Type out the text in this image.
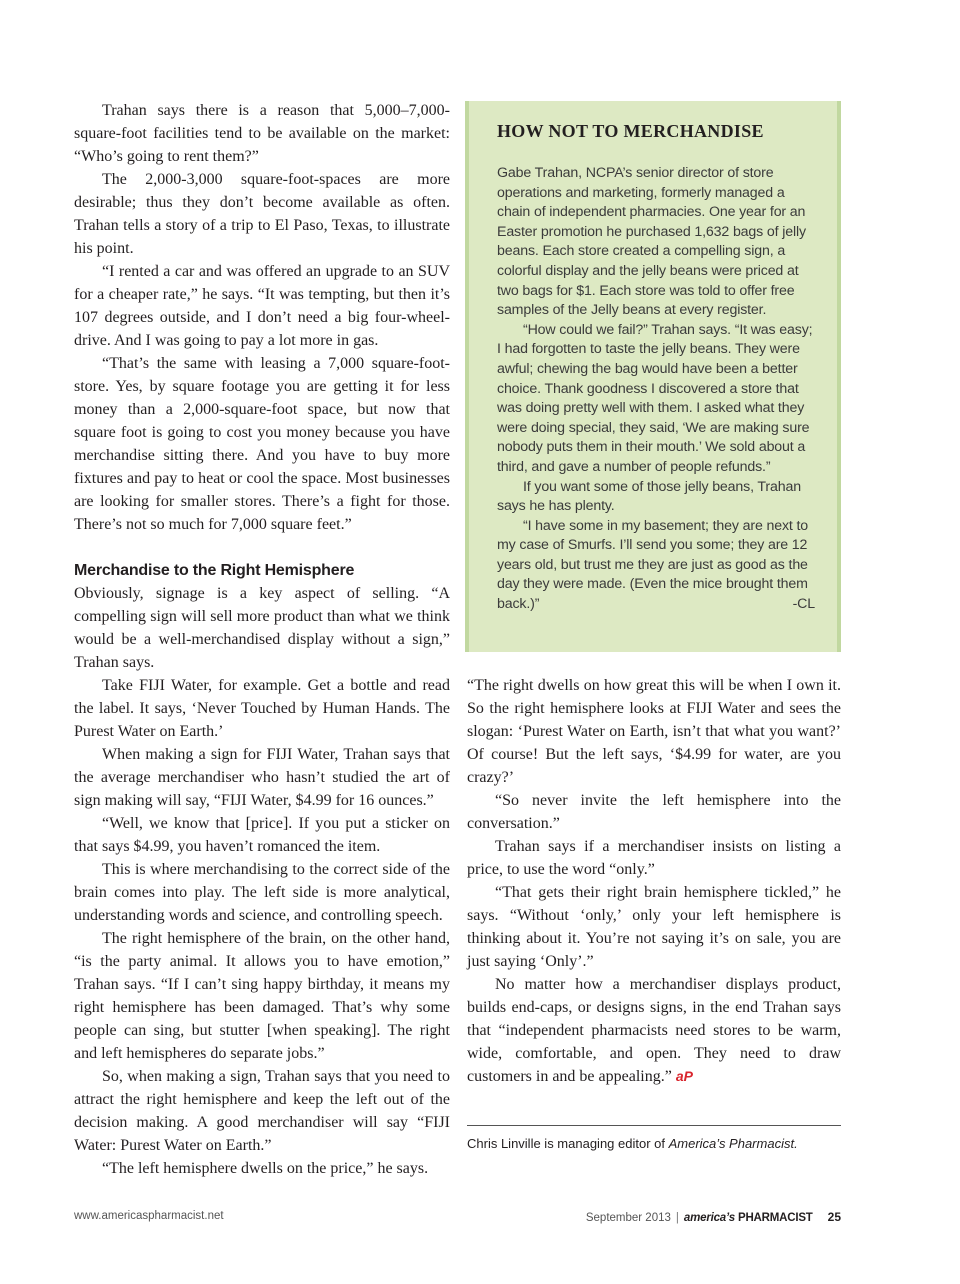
Trahan says there is a reason that 5,000–7,000-square-foot facilities tend to be available on the market: “Who’s going to rent them?”

The 2,000-3,000 square-foot-spaces are more desirable; thus they don’t become available as often. Trahan tells a story of a trip to El Paso, Texas, to illustrate his point.

“I rented a car and was offered an upgrade to an SUV for a cheaper rate,” he says. “It was tempting, but then it’s 107 degrees outside, and I don’t need a big four-wheel-drive. And I was going to pay a lot more in gas.

“That’s the same with leasing a 7,000 square-foot-store. Yes, by square footage you are getting it for less money than a 2,000-square-foot space, but now that square foot is going to cost you money because you have merchandise sitting there. And you have to buy more fixtures and pay to heat or cool the space. Most businesses are looking for smaller stores. There’s a fight for those. There’s not so much for 7,000 square feet.”

Merchandise to the Right Hemisphere

Obviously, signage is a key aspect of selling. “A compelling sign will sell more product than what we think would be a well-merchandised display without a sign,” Trahan says.

Take FIJI Water, for example. Get a bottle and read the label. It says, ‘Never Touched by Human Hands. The Purest Water on Earth.’

When making a sign for FIJI Water, Trahan says that the average merchandiser who hasn’t studied the art of sign making will say, “FIJI Water, $4.99 for 16 ounces.”

“Well, we know that [price]. If you put a sticker on that says $4.99, you haven’t romanced the item.

This is where merchandising to the correct side of the brain comes into play. The left side is more analytical, understanding words and science, and controlling speech.

The right hemisphere of the brain, on the other hand, “is the party animal. It allows you to have emotion,” Trahan says. “If I can’t sing happy birthday, it means my right hemisphere has been damaged. That’s why some people can sing, but stutter [when speaking]. The right and left hemispheres do separate jobs.”

So, when making a sign, Trahan says that you need to attract the right hemisphere and keep the left out of the decision making. A good merchandiser will say “FIJI Water: Purest Water on Earth.”

“The left hemisphere dwells on the price,” he says.

HOW NOT TO MERCHANDISE

Gabe Trahan, NCPA’s senior director of store operations and marketing, formerly managed a chain of independent pharmacies. One year for an Easter promotion he purchased 1,632 bags of jelly beans. Each store created a compelling sign, a colorful display and the jelly beans were priced at two bags for $1. Each store was told to offer free samples of the Jelly beans at every register.

“How could we fail?” Trahan says. “It was easy; I had forgotten to taste the jelly beans. They were awful; chewing the bag would have been a better choice. Thank goodness I discovered a store that was doing pretty well with them. I asked what they were doing special, they said, ‘We are making sure nobody puts them in their mouth.’ We sold about a third, and gave a number of people refunds.”

If you want some of those jelly beans, Trahan says he has plenty.

“I have some in my basement; they are next to my case of Smurfs. I’ll send you some; they are 12 years old, but trust me they are just as good as the day they were made. (Even the mice brought them back.)”	-CL

“The right dwells on how great this will be when I own it. So the right hemisphere looks at FIJI Water and sees the slogan: ‘Purest Water on Earth, isn’t that what you want?’ Of course! But the left says, ‘$4.99 for water, are you crazy?’

“So never invite the left hemisphere into the conversation.”

Trahan says if a merchandiser insists on listing a price, to use the word “only.”

“That gets their right brain hemisphere tickled,” he says. “Without ‘only,’ only your left hemisphere is thinking about it. You’re not saying it’s on sale, you are just saying ‘Only’.”

No matter how a merchandiser displays product, builds end-caps, or designs signs, in the end Trahan says that “independent pharmacists need stores to be warm, wide, comfortable, and open. They need to draw customers in and be appealing.” aP

Chris Linville is managing editor of America’s Pharmacist.
www.americaspharmacist.net	September 2013 | america’s PHARMACIST 25
